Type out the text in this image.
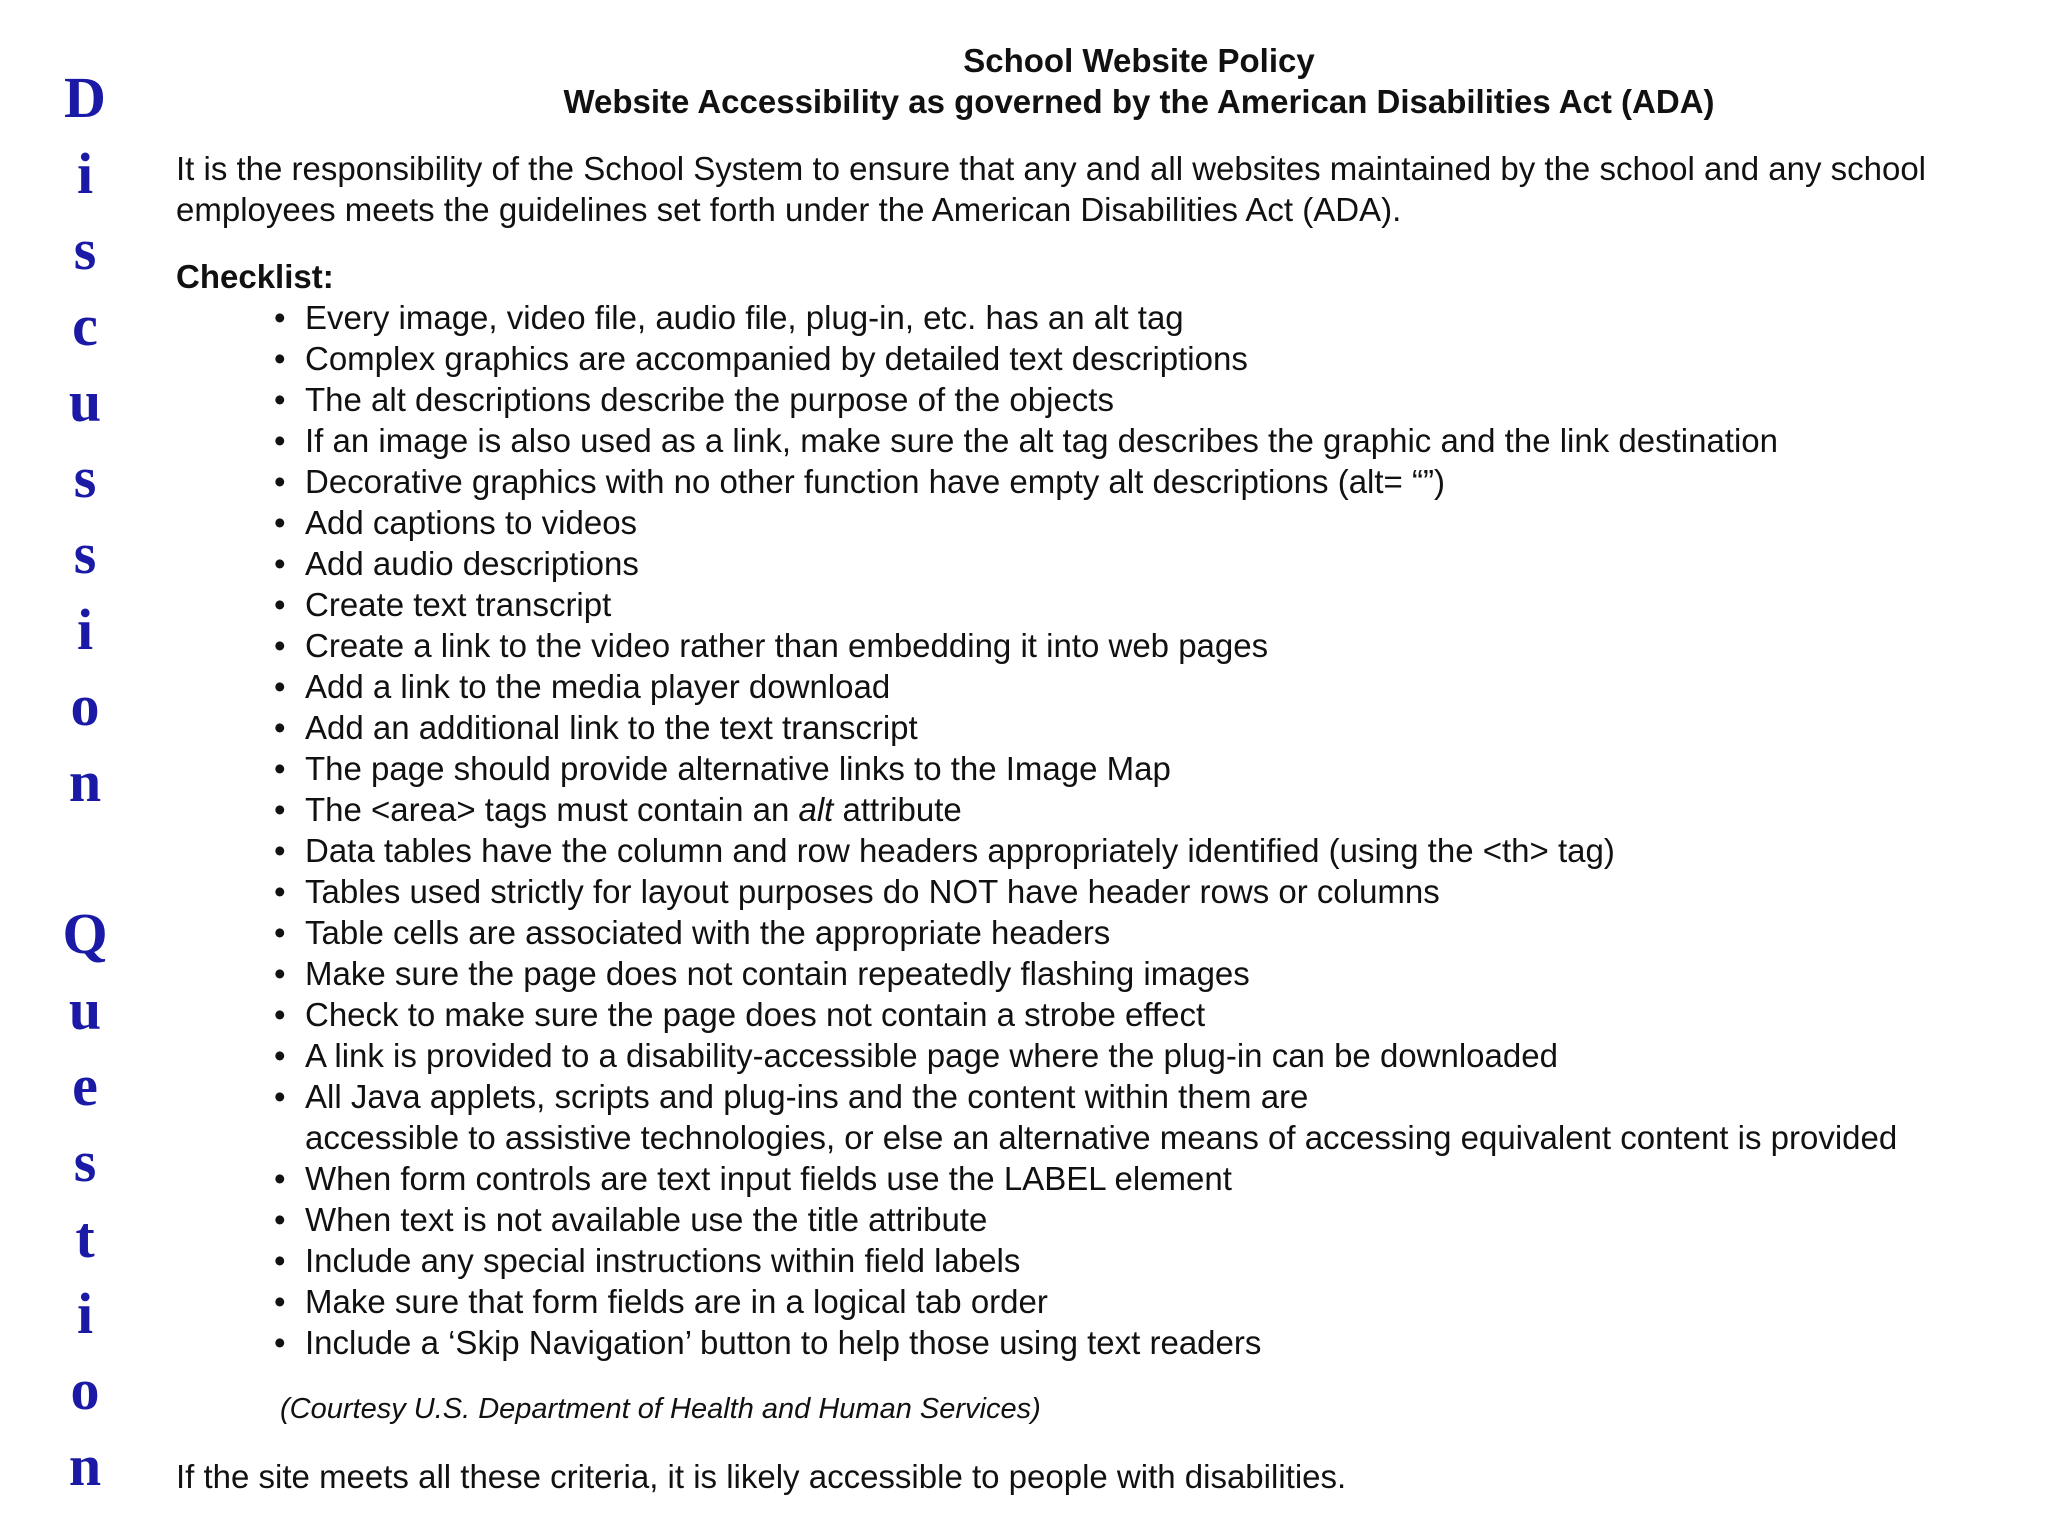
D
i
s
c
u
s
s
i
o
n
Q
u
e
s
t
i
o
n

School Website Policy
Website Accessibility as governed by the American Disabilities Act (ADA)

It is the responsibility of the School System to ensure that any and all websites maintained by the school and any school employees meets the guidelines set forth under the American Disabilities Act (ADA).

Checklist:

• Every image, video file, audio file, plug-in, etc. has an alt tag
• Complex graphics are accompanied by detailed text descriptions
• The alt descriptions describe the purpose of the objects
• If an image is also used as a link, make sure the alt tag describes the graphic and the link destination
• Decorative graphics with no other function have empty alt descriptions (alt= “”)
• Add captions to videos
• Add audio descriptions
• Create text transcript
• Create a link to the video rather than embedding it into web pages
• Add a link to the media player download
• Add an additional link to the text transcript
• The page should provide alternative links to the Image Map
• The <area> tags must contain an alt attribute
• Data tables have the column and row headers appropriately identified (using the <th> tag)
• Tables used strictly for layout purposes do NOT have header rows or columns
• Table cells are associated with the appropriate headers
• Make sure the page does not contain repeatedly flashing images
• Check to make sure the page does not contain a strobe effect
• A link is provided to a disability-accessible page where the plug-in can be downloaded
• All Java applets, scripts and plug-ins and the content within them are
accessible to assistive technologies, or else an alternative means of accessing equivalent content is provided
• When form controls are text input fields use the LABEL element
• When text is not available use the title attribute
• Include any special instructions within field labels
• Make sure that form fields are in a logical tab order
• Include a ‘Skip Navigation’ button to help those using text readers

(Courtesy U.S. Department of Health and Human Services)

If the site meets all these criteria, it is likely accessible to people with disabilities.
